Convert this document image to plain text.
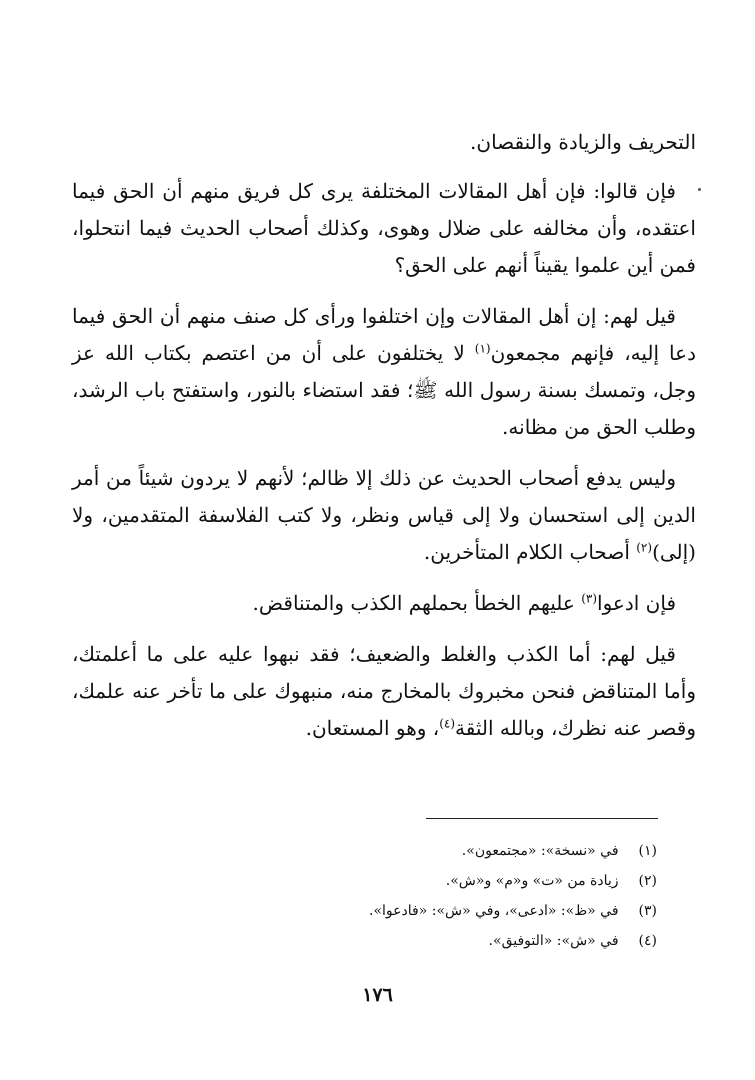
التحريف والزيادة والنقصان.

فإن قالوا: فإن أهل المقالات المختلفة يرى كل فريق منهم أن الحق فيما اعتقده، وأن مخالفه على ضلال وهوى، وكذلك أصحاب الحديث فيما انتحلوا، فمن أين علموا يقيناً أنهم على الحق؟

قيل لهم: إن أهل المقالات وإن اختلفوا ورأى كل صنف منهم أن الحق فيما دعا إليه، فإنهم مجمعون$^{(١)}$ لا يختلفون على أن من اعتصم بكتاب الله عز وجل، وتمسك بسنة رسول الله ﷺ؛ فقد استضاء بالنور، واستفتح باب الرشد، وطلب الحق من مظانه.

وليس يدفع أصحاب الحديث عن ذلك إلا ظالم؛ لأنهم لا يردون شيئاً من أمر الدين إلى استحسان ولا إلى قياس ونظر، ولا كتب الفلاسفة المتقدمين، ولا (إلى)$^{(٢)}$ أصحاب الكلام المتأخرين.

فإن ادعوا$^{(٣)}$ عليهم الخطأ بحملهم الكذب والمتناقض.

قيل لهم: أما الكذب والغلط والضعيف؛ فقد نبهوا عليه على ما أعلمتك، وأما المتناقض فنحن مخبروك بالمخارج منه، منبهوك على ما تأخر عنه علمك، وقصر عنه نظرك، وبالله الثقة$^{(٤)}$، وهو المستعان.

(١) في «نسخة»: «مجتمعون».
(٢) زيادة من «ت» و«م» و«ش».
(٣) في «ظ»: «ادعى»، وفي «ش»: «فادعوا».
(٤) في «ش»: «التوفيق».
١٧٦
